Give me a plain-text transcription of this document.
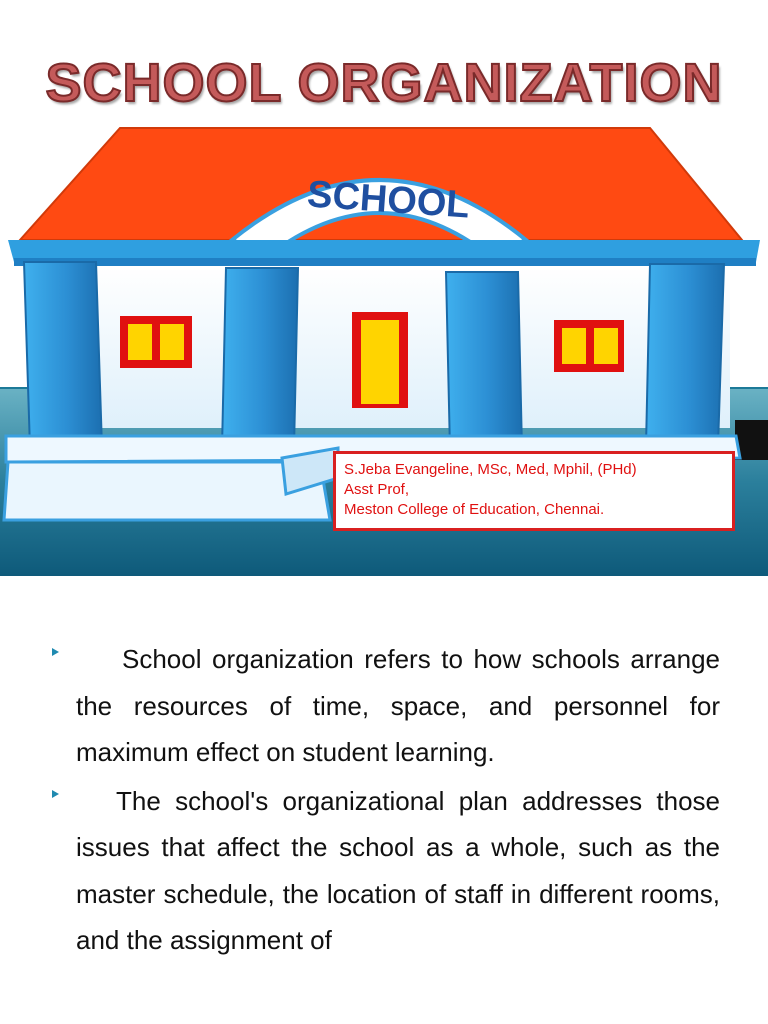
SCHOOL
SCHOOL ORGANIZATION
S.Jeba Evangeline, MSc, Med, Mphil, (PHd)
Asst Prof,
Meston College of Education, Chennai.
School organization refers to how schools arrange the resources of time, space, and personnel for maximum effect on student learning.
The school's organizational plan addresses those issues that affect the school as a whole, such as the master schedule, the location of staff in different rooms, and the assignment of
